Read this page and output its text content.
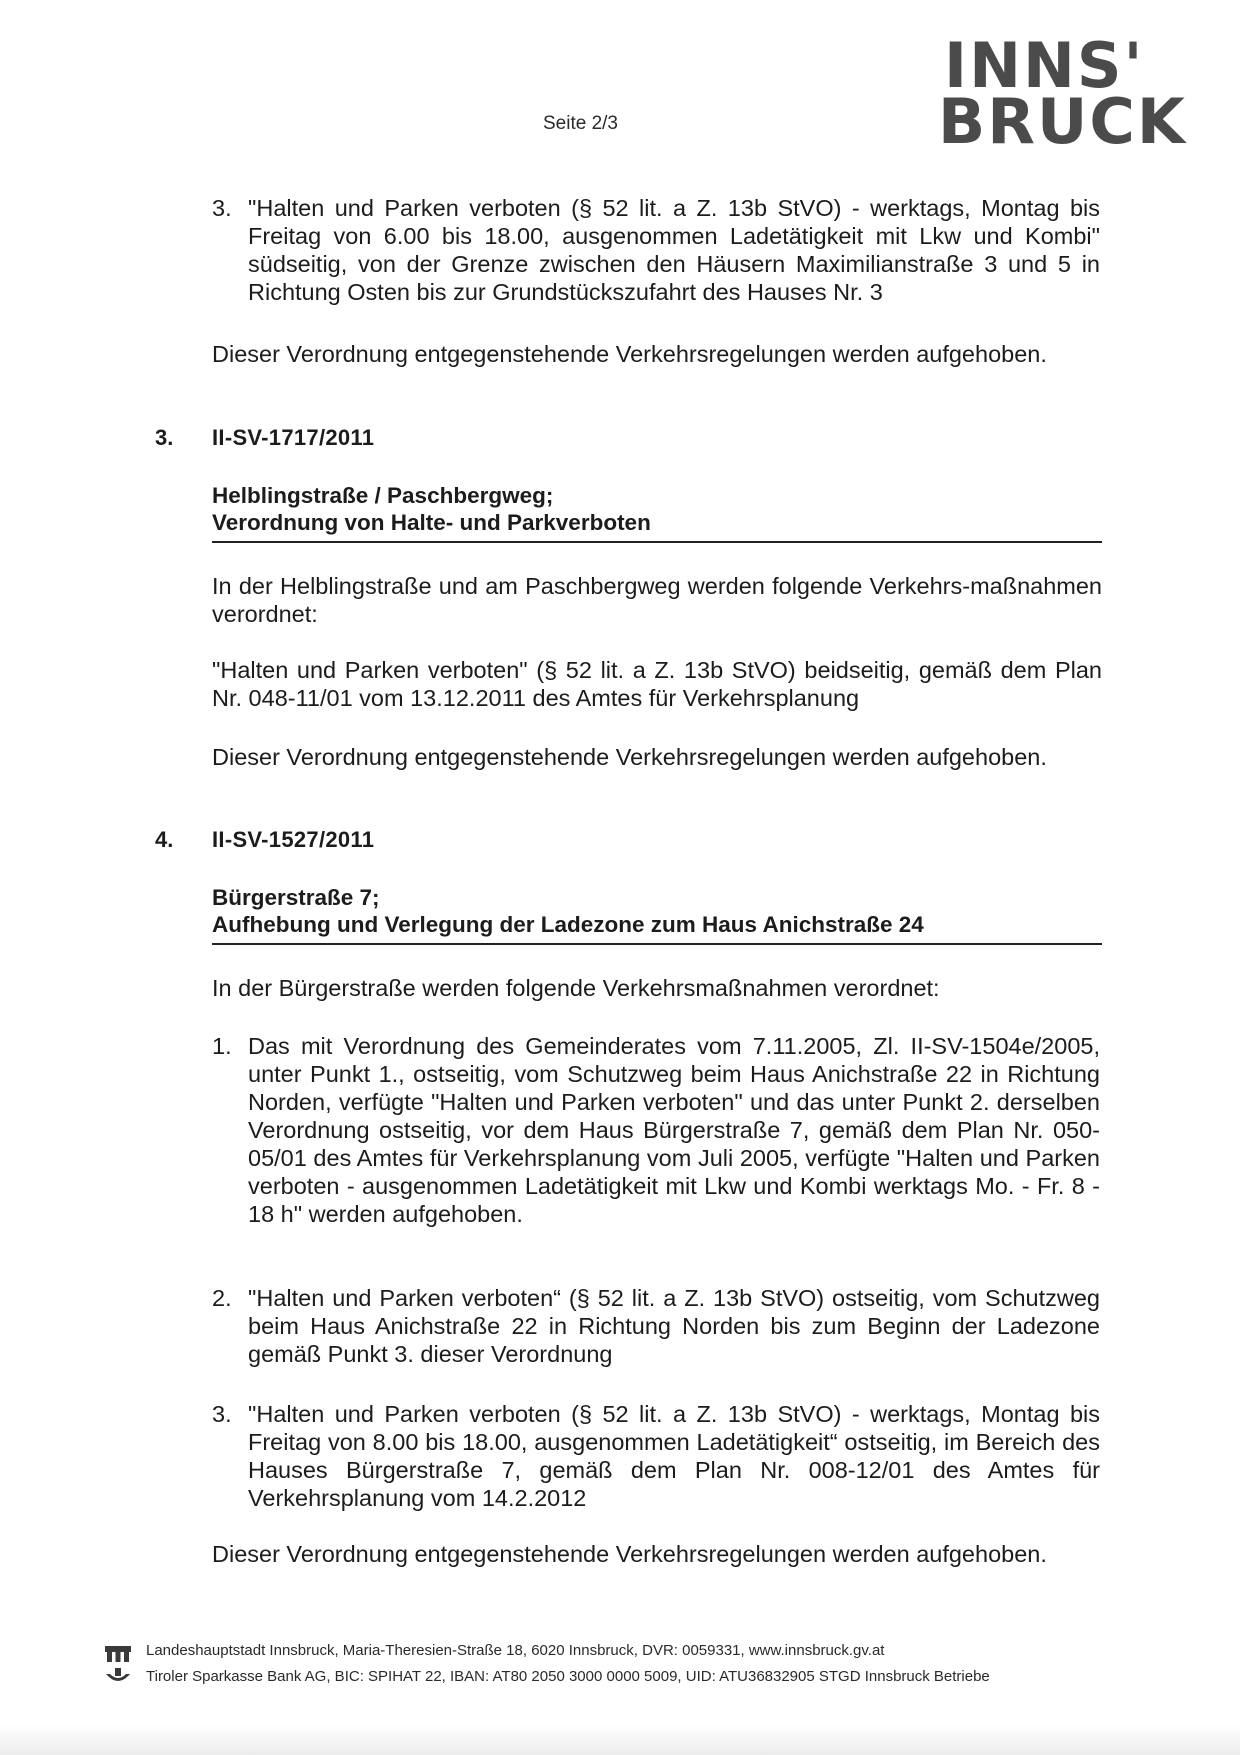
Seite 2/3
INNS'
BRUCK
3. "Halten und Parken verboten (§ 52 lit. a Z. 13b StVO) - werktags, Montag bis Freitag von 6.00 bis 18.00, ausgenommen Ladetätigkeit mit Lkw und Kombi" südseitig, von der Grenze zwischen den Häusern Maximilianstraße 3 und 5 in Richtung Osten bis zur Grundstückszufahrt des Hauses Nr. 3

Dieser Verordnung entgegenstehende Verkehrsregelungen werden aufgehoben.

3. II-SV-1717/2011
Helblingstraße / Paschbergweg;
Verordnung von Halte- und Parkverboten

In der Helblingstraße und am Paschbergweg werden folgende Verkehrs-maßnahmen verordnet:

"Halten und Parken verboten" (§ 52 lit. a Z. 13b StVO) beidseitig, gemäß dem Plan Nr. 048-11/01 vom 13.12.2011 des Amtes für Verkehrsplanung

Dieser Verordnung entgegenstehende Verkehrsregelungen werden aufgehoben.

4. II-SV-1527/2011
Bürgerstraße 7;
Aufhebung und Verlegung der Ladezone zum Haus Anichstraße 24

In der Bürgerstraße werden folgende Verkehrsmaßnahmen verordnet:

1. Das mit Verordnung des Gemeinderates vom 7.11.2005, Zl. II-SV-1504e/2005, unter Punkt 1., ostseitig, vom Schutzweg beim Haus Anichstraße 22 in Richtung Norden, verfügte "Halten und Parken verboten" und das unter Punkt 2. derselben Verordnung ostseitig, vor dem Haus Bürgerstraße 7, gemäß dem Plan Nr. 050-05/01 des Amtes für Verkehrsplanung vom Juli 2005, verfügte "Halten und Parken verboten - ausgenommen Ladetätigkeit mit Lkw und Kombi werktags Mo. - Fr. 8 - 18 h" werden aufgehoben.
2. "Halten und Parken verboten“ (§ 52 lit. a Z. 13b StVO) ostseitig, vom Schutzweg beim Haus Anichstraße 22 in Richtung Norden bis zum Beginn der Ladezone gemäß Punkt 3. dieser Verordnung
3. "Halten und Parken verboten (§ 52 lit. a Z. 13b StVO) - werktags, Montag bis Freitag von 8.00 bis 18.00, ausgenommen Ladetätigkeit“ ostseitig, im Bereich des Hauses Bürgerstraße 7, gemäß dem Plan Nr. 008-12/01 des Amtes für Verkehrsplanung vom 14.2.2012

Dieser Verordnung entgegenstehende Verkehrsregelungen werden aufgehoben.

Landeshauptstadt Innsbruck, Maria-Theresien-Straße 18, 6020 Innsbruck, DVR: 0059331, www.innsbruck.gv.at
Tiroler Sparkasse Bank AG, BIC: SPIHAT 22, IBAN: AT80 2050 3000 0000 5009, UID: ATU36832905 STGD Innsbruck Betriebe
